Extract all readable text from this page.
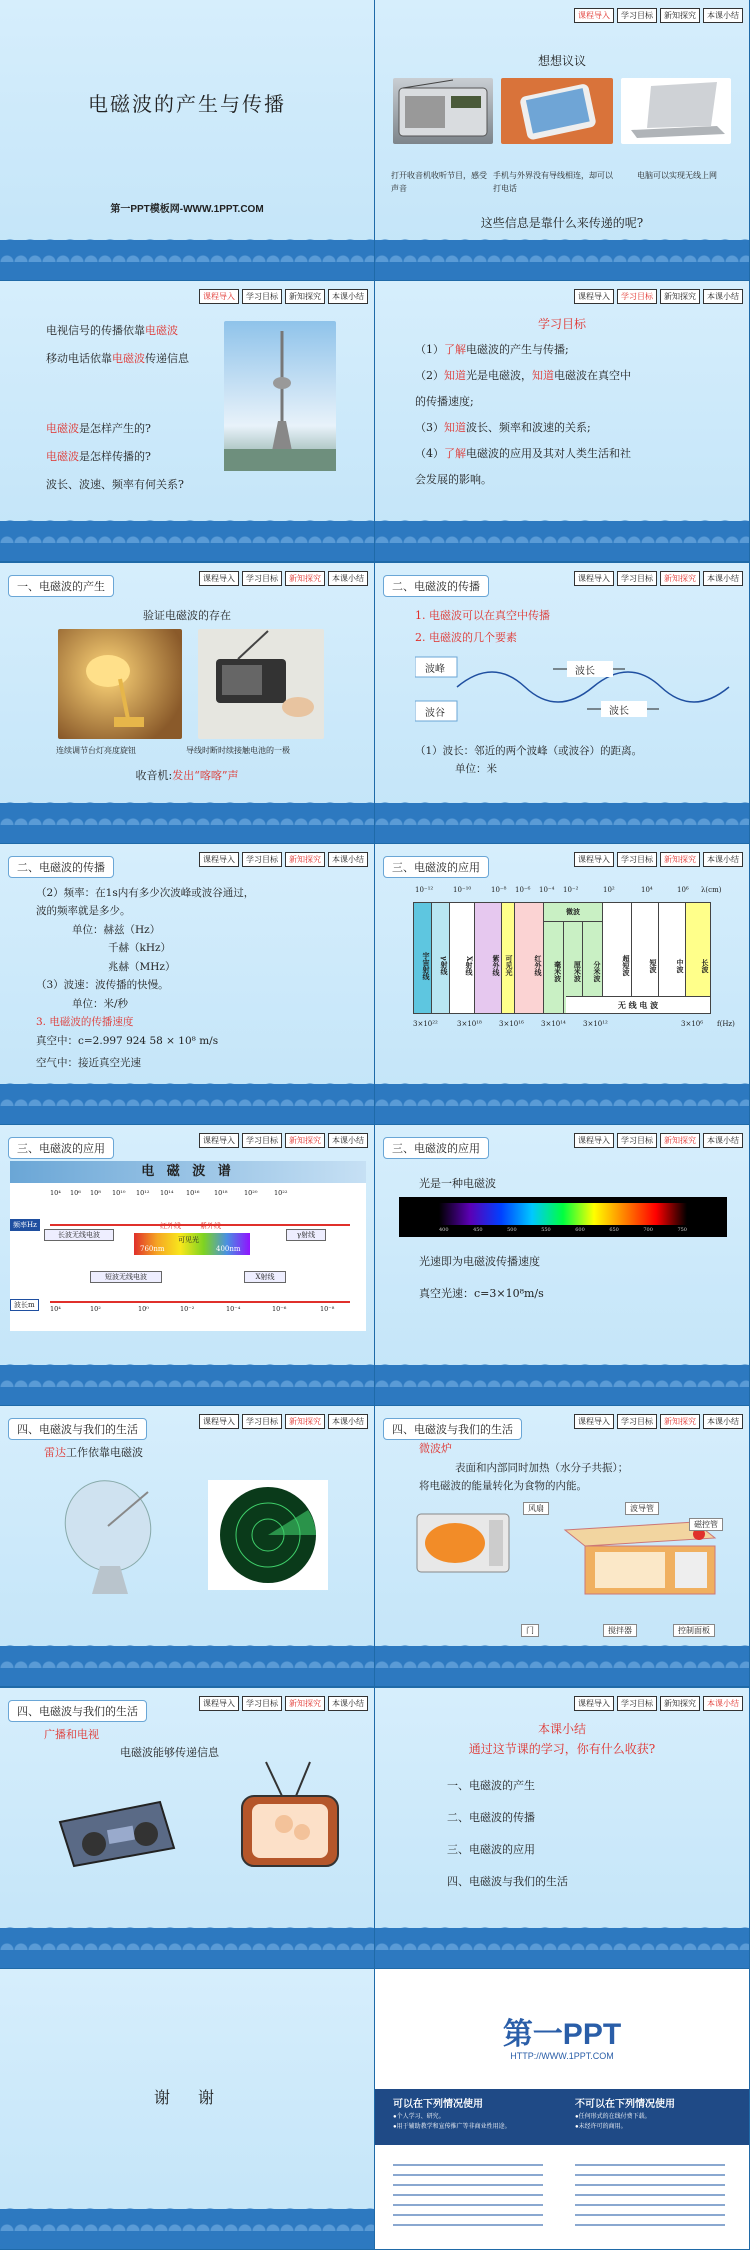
电磁波的产生与传播
第一PPT模板网-WWW.1PPT.COM
课程导入	学习目标	新知探究	本课小结
想想议议
打开收音机收听节目，感受声音
手机与外界没有导线相连，却可以打电话
电脑可以实现无线上网
这些信息是靠什么来传递的呢?
课程导入	学习目标	新知探究	本课小结
电视信号的传播依靠电磁波
移动电话依靠电磁波传递信息
电磁波是怎样产生的?
电磁波是怎样传播的?
波长、波速、频率有何关系?
课程导入	学习目标	新知探究	本课小结
学习目标
（1）了解电磁波的产生与传播;
（2）知道光是电磁波，知道电磁波在真空中
的传播速度;
（3）知道波长、频率和波速的关系;
（4）了解电磁波的应用及其对人类生活和社
会发展的影响。
课程导入	学习目标	新知探究	本课小结
一、电磁波的产生
验证电磁波的存在
连续调节台灯亮度旋钮	导线时断时续接触电池的一极
收音机:发出“喀喀”声
课程导入	学习目标	新知探究	本课小结
二、电磁波的传播
1. 电磁波可以在真空中传播
2. 电磁波的几个要素
波峰
波谷
波长
波长
（1）波长：邻近的两个波峰（或波谷）的距离。
单位：米
课程导入	学习目标	新知探究	本课小结
二、电磁波的传播
（2）频率：在1s内有多少次波峰或波谷通过，
波的频率就是多少。
单位：赫兹（Hz）
千赫（kHz）
兆赫（MHz）
（3）波速：波传播的快慢。
单位：米/秒
3. 电磁波的传播速度
真空中：c=2.997 924 58 × 10⁸ m/s
空气中：接近真空光速
课程导入	学习目标	新知探究	本课小结
三、电磁波的应用
10⁻¹²	10⁻¹⁰	10⁻⁸ 10⁻⁶ 10⁻⁴ 10⁻²	10²	10⁴	10⁶ λ(cm)
宇宙射线	γ射线	X射线	紫外线 可见光	红外线
微波
毫米波	厘米波	分米波	超短波	短波	中波	长波
无 线 电 波
3×10²²	3×10¹⁸ 3×10¹⁶ 3×10¹⁴ 3×10¹²	3×10⁶ f(Hz)
课程导入	学习目标	新知探究	本课小结
三、电磁波的应用
电 磁 波 谱
10⁴ 10⁶ 10⁸ 10¹⁰ 10¹² 10¹⁴ 10¹⁶ 10¹⁸	10²⁰	10²²
频率Hz
长波无线电波
红外线	紫外线
γ射线
可见光
760nm	400nm
短波无线电波	X射线
波长m	10⁴	10²	10⁰	10⁻²	10⁻⁴	10⁻⁶	10⁻⁸
课程导入	学习目标	新知探究	本课小结
三、电磁波的应用
光是一种电磁波
400	450	500	550	600	650	700	750
光速即为电磁波传播速度
真空光速：c=3×10⁸m/s
课程导入	学习目标	新知探究	本课小结
四、电磁波与我们的生活
雷达工作依靠电磁波
课程导入	学习目标	新知探究	本课小结
四、电磁波与我们的生活
微波炉
表面和内部同时加热（水分子共振）；
将电磁波的能量转化为食物的内能。
风扇	波导管
磁控管
门	搅拌器	控制面板
课程导入	学习目标	新知探究	本课小结
四、电磁波与我们的生活
广播和电视
电磁波能够传递信息
课程导入	学习目标	新知探究	本课小结
本课小结
通过这节课的学习，你有什么收获?
一、电磁波的产生
二、电磁波的传播
三、电磁波的应用
四、电磁波与我们的生活
谢　谢
第一PPT
HTTP://WWW.1PPT.COM
可以在下列情况使用
●个人学习、研究。
●用于辅助教学和宣传推广等非商业性用途。
不可以在下列情况使用
●任何形式的在线付费下载。
●未经许可的商用。
